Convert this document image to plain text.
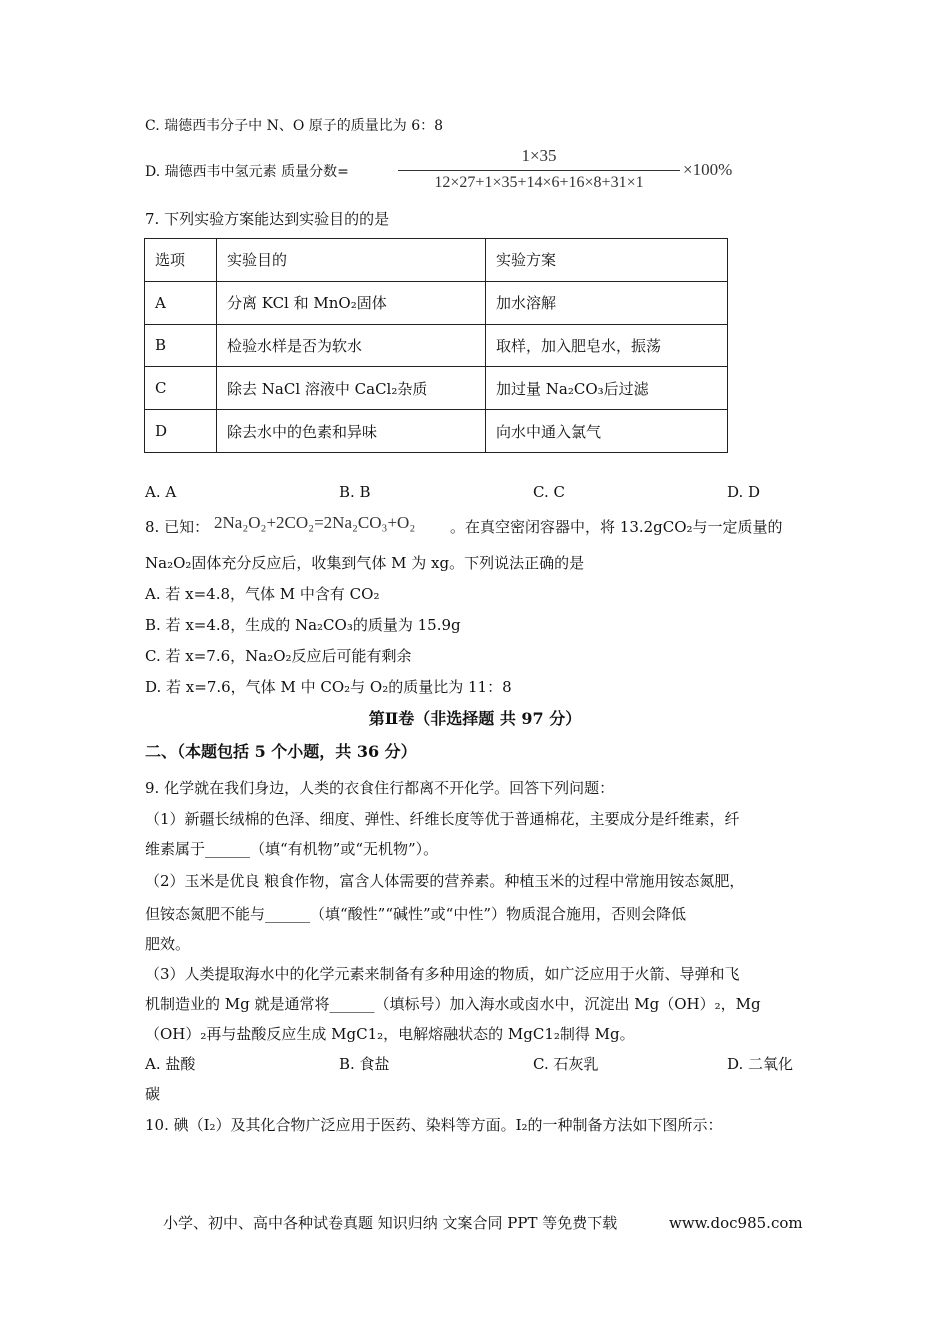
C. 瑞德西韦分子中 N、O 原子的质量比为 6：8
D. 瑞德西韦中氢元素 质量分数=
1×35
12×27+1×35+14×6+16×8+31×1
×100%
7. 下列实验方案能达到实验目的的是
选项	实验目的	实验方案
A	分离 KCl 和 MnO₂固体	加水溶解
B	检验水样是否为软水	取样，加入肥皂水，振荡
C	除去 NaCl 溶液中 CaCl₂杂质	加过量 Na₂CO₃后过滤
D	除去水中的色素和异味	向水中通入氯气
A. A	B. B	C. C	D. D
8. 已知： 2Na₂O₂+2CO₂=2Na₂CO₃+O₂ 。在真空密闭容器中，将 13.2gCO₂与一定质量的
Na₂O₂固体充分反应后，收集到气体 M 为 xg。下列说法正确的是
A. 若 x=4.8，气体 M 中含有 CO₂
B. 若 x=4.8，生成的 Na₂CO₃的质量为 15.9g
C. 若 x=7.6，Na₂O₂反应后可能有剩余
D. 若 x=7.6，气体 M 中 CO₂与 O₂的质量比为 11：8
第Ⅱ卷（非选择题 共 97 分）
二、（本题包括 5 个小题，共 36 分）
9. 化学就在我们身边，人类的衣食住行都离不开化学。回答下列问题：
（1）新疆长绒棉的色泽、细度、弹性、纤维长度等优于普通棉花，主要成分是纤维素，纤
维素属于______（填“有机物”或“无机物”）。
（2）玉米是优良 粮食作物，富含人体需要的营养素。种植玉米的过程中常施用铵态氮肥，
但铵态氮肥不能与______（填“酸性”“碱性”或“中性”）物质混合施用，否则会降低
肥效。
（3）人类提取海水中的化学元素来制备有多种用途的物质，如广泛应用于火箭、导弹和飞
机制造业的 Mg 就是通常将______（填标号）加入海水或卤水中，沉淀出 Mg（OH）₂，Mg
（OH）₂再与盐酸反应生成 MgC1₂，电解熔融状态的 MgC1₂制得 Mg。
A. 盐酸	B. 食盐	C. 石灰乳	D. 二氧化
碳
10. 碘（I₂）及其化合物广泛应用于医药、染料等方面。I₂的一种制备方法如下图所示：
小学、初中、高中各种试卷真题 知识归纳 文案合同 PPT 等免费下载	www.doc985.com
